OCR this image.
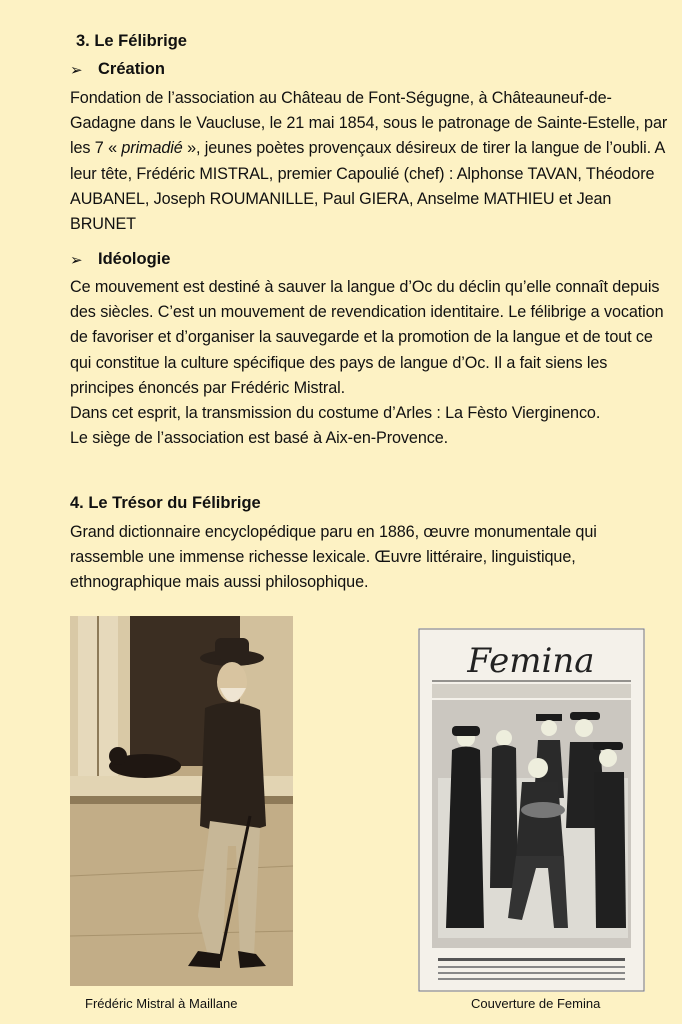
3. Le Félibrige
➢ Création
Fondation de l’association au Château de Font-Ségugne, à Châteauneuf-de-Gadagne dans le Vaucluse, le 21 mai 1854, sous le patronage de Sainte-Estelle, par les 7 « primadié », jeunes poètes provençaux désireux de tirer la langue de l’oubli. A leur tête, Frédéric MISTRAL, premier Capoulié (chef) : Alphonse TAVAN, Théodore AUBANEL, Joseph ROUMANILLE, Paul GIERA, Anselme MATHIEU et Jean BRUNET
➢ Idéologie
Ce mouvement est destiné à sauver la langue d’Oc du déclin qu’elle connaît depuis des siècles. C’est un mouvement de revendication identitaire. Le félibrige a vocation de favoriser et d’organiser la sauvegarde et la promotion de la langue et de tout ce qui constitue la culture spécifique des pays de langue d’Oc. Il a fait siens les principes énoncés par Frédéric Mistral.
Dans cet esprit, la transmission du costume d’Arles : La Fèsto Vierginenco.
Le siège de l’association est basé à Aix-en-Provence.
4. Le Trésor du Félibrige
Grand dictionnaire encyclopédique paru en 1886, œuvre monumentale qui rassemble une immense richesse lexicale. Œuvre littéraire, linguistique, ethnographique mais aussi philosophique.
Femina
Frédéric Mistral à Maillane	Couverture de Femina
